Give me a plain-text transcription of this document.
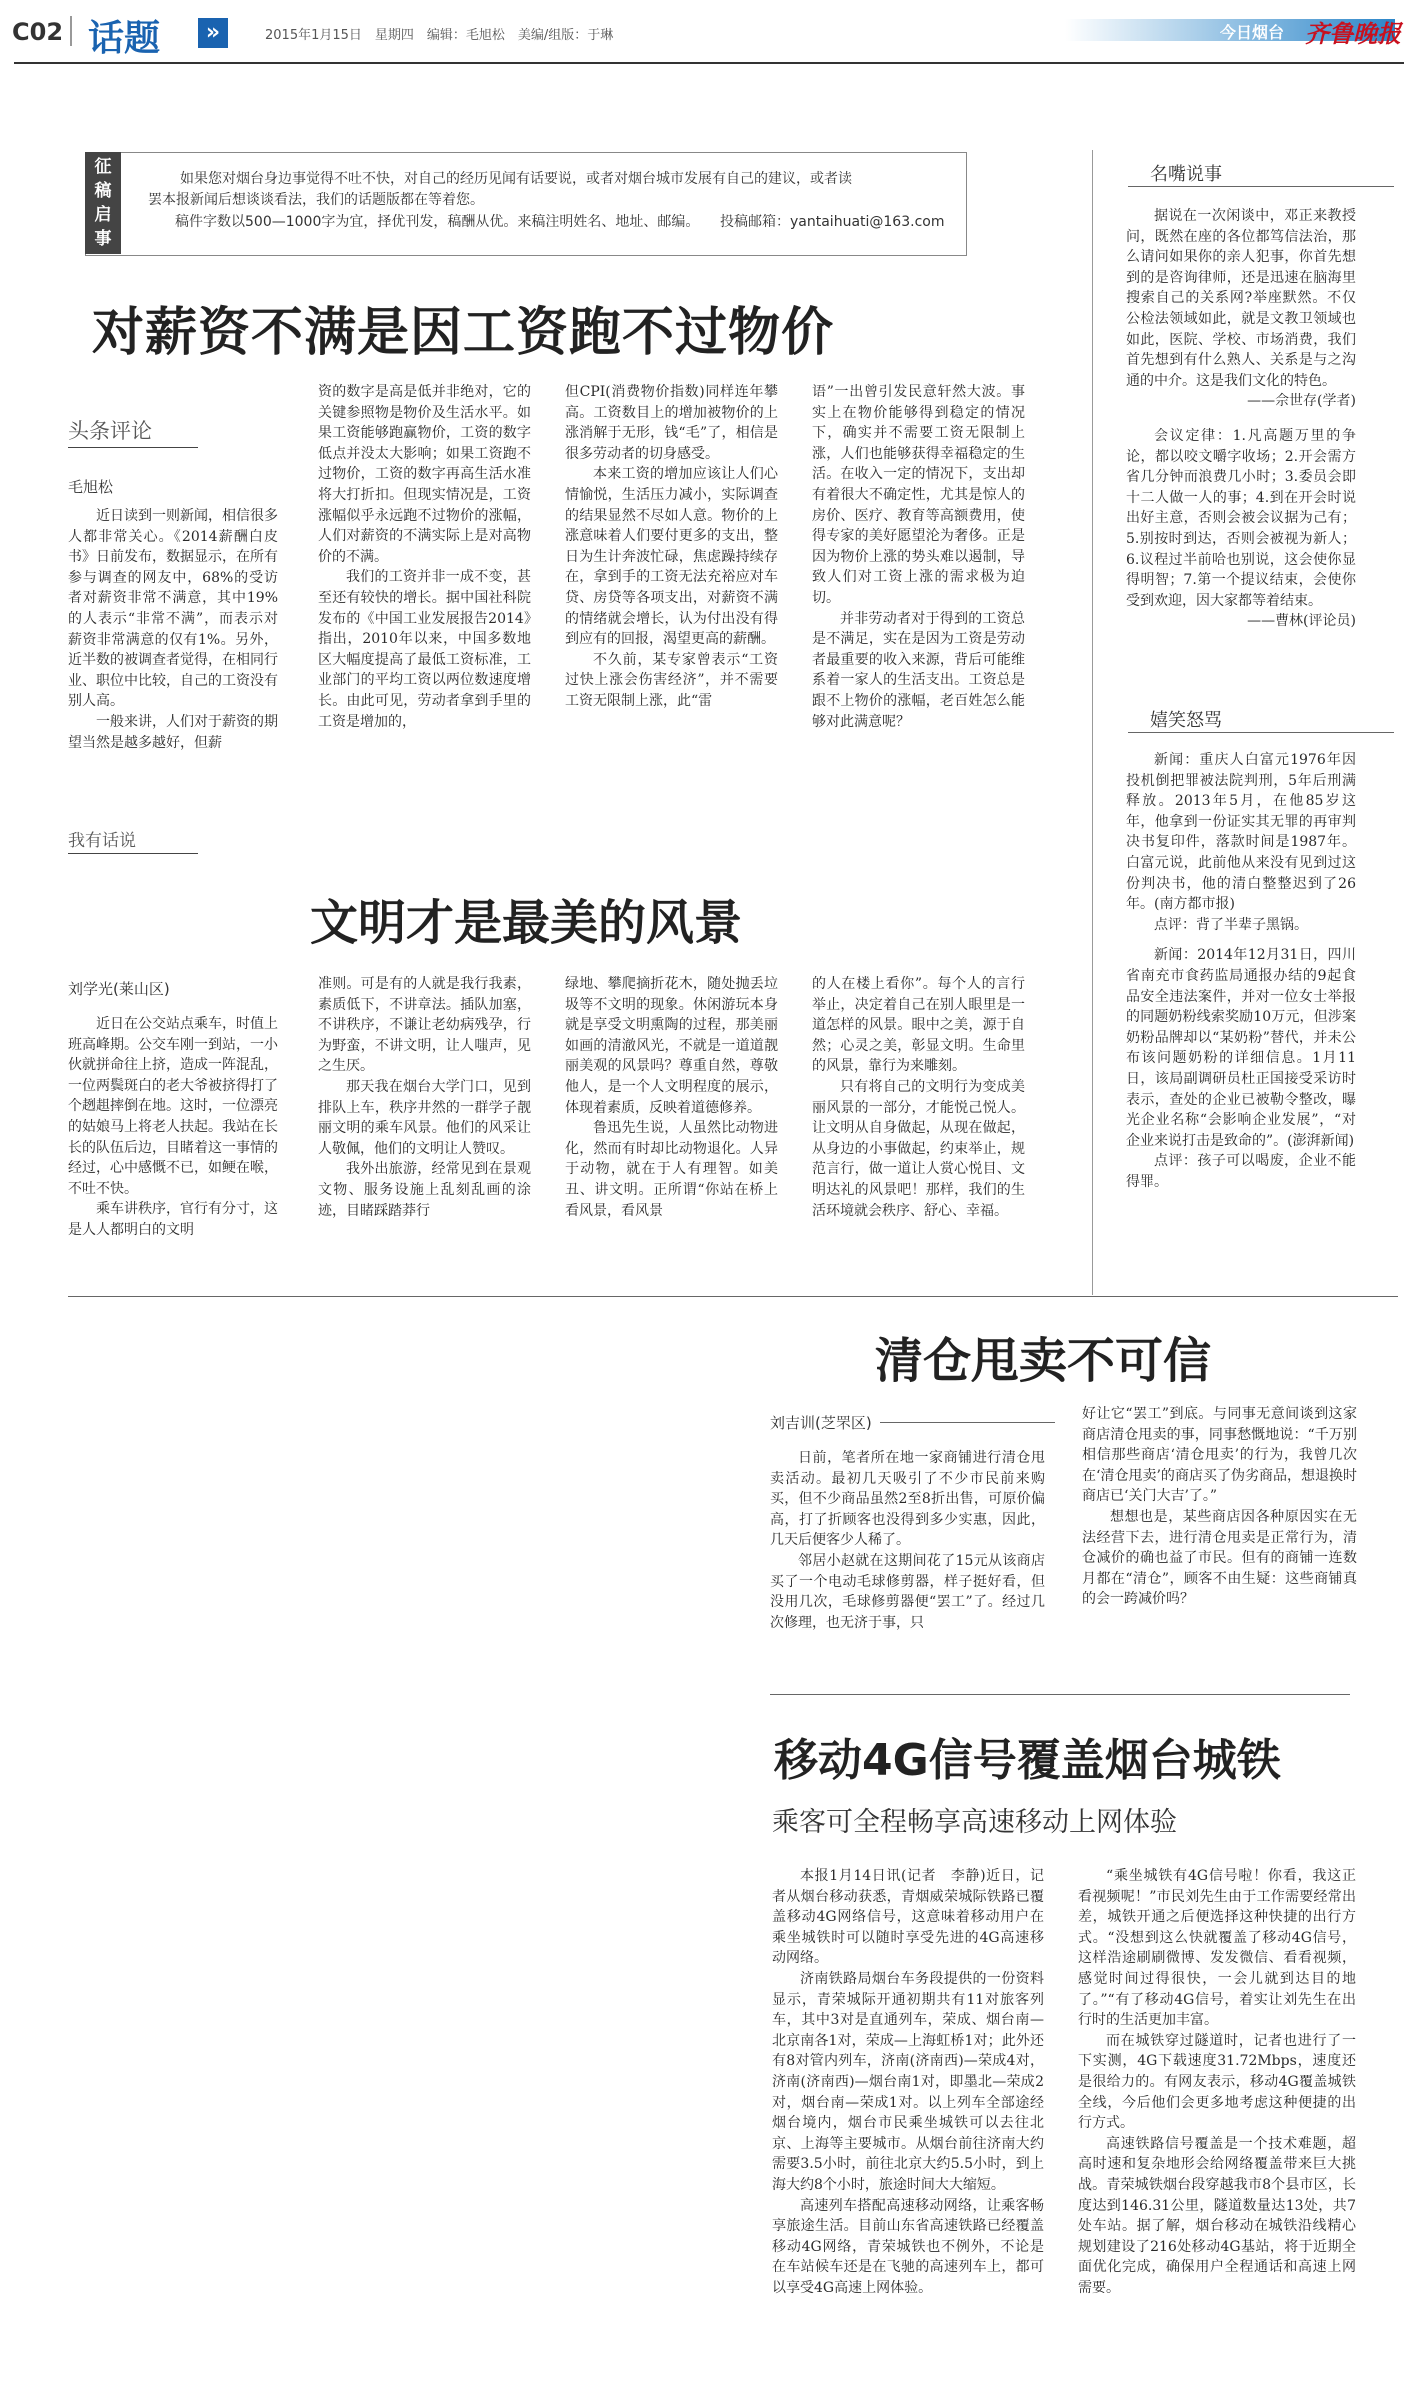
C02 话题	»	2015年1月15日　星期四　编辑：毛旭松　美编/组版：于琳	今日烟台 齐鲁晚报
征
稿
启
事
如果您对烟台身边事觉得不吐不快，对自己的经历见闻有话要说，或者对烟台城市发展有自己的建议，或者读
罢本报新闻后想谈谈看法，我们的话题版都在等着您。
稿件字数以500—1000字为宜，择优刊发，稿酬从优。来稿注明姓名、地址、邮编。 投稿邮箱：yantaihuati@163.com
对薪资不满是因工资跑不过物价
头条评论
毛旭松

近日读到一则新闻，相信很多人都非常关心。《2014薪酬白皮书》日前发布，数据显示，在所有参与调查的网友中，68%的受访者对薪资非常不满意，其中19%的人表示“非常不满”，而表示对薪资非常满意的仅有1%。另外，近半数的被调查者觉得，在相同行业、职位中比较，自己的工资没有别人高。

一般来讲，人们对于薪资的期望当然是越多越好，但薪

资的数字是高是低并非绝对，它的关键参照物是物价及生活水平。如果工资能够跑赢物价，工资的数字低点并没太大影响；如果工资跑不过物价，工资的数字再高生活水准将大打折扣。但现实情况是，工资涨幅似乎永远跑不过物价的涨幅，人们对薪资的不满实际上是对高物价的不满。

我们的工资并非一成不变，甚至还有较快的增长。据中国社科院发布的《中国工业发展报告2014》指出，2010年以来，中国多数地区大幅度提高了最低工资标准，工业部门的平均工资以两位数速度增长。由此可见，劳动者拿到手里的工资是增加的，

但CPI(消费物价指数)同样连年攀高。工资数目上的增加被物价的上涨消解于无形，钱“毛”了，相信是很多劳动者的切身感受。

本来工资的增加应该让人们心情愉悦，生活压力减小，实际调查的结果显然不尽如人意。物价的上涨意味着人们要付更多的支出，整日为生计奔波忙碌，焦虑躁持续存在，拿到手的工资无法充裕应对车贷、房贷等各项支出，对薪资不满的情绪就会增长，认为付出没有得到应有的回报，渴望更高的薪酬。

不久前，某专家曾表示“工资过快上涨会伤害经济”，并不需要工资无限制上涨，此“雷

语”一出曾引发民意轩然大波。事实上在物价能够得到稳定的情况下，确实并不需要工资无限制上涨，人们也能够获得幸福稳定的生活。在收入一定的情况下，支出却有着很大不确定性，尤其是惊人的房价、医疗、教育等高额费用，使得专家的美好愿望沦为奢侈。正是因为物价上涨的势头难以遏制，导致人们对工资上涨的需求极为迫切。

并非劳动者对于得到的工资总是不满足，实在是因为工资是劳动者最重要的收入来源，背后可能维系着一家人的生活支出。工资总是跟不上物价的涨幅，老百姓怎么能够对此满意呢？

名嘴说事

据说在一次闲谈中，邓正来教授问，既然在座的各位都笃信法治，那么请问如果你的亲人犯事，你首先想到的是咨询律师，还是迅速在脑海里搜索自己的关系网?举座默然。不仅公检法领域如此，就是文教卫领域也如此，医院、学校、市场消费，我们首先想到有什么熟人、关系是与之沟通的中介。这是我们文化的特色。

——佘世存(学者)

会议定律：1.凡高题万里的争论，都以咬文嚼字收场；2.开会需方省几分钟而浪费几小时；3.委员会即十二人做一人的事；4.到在开会时说出好主意，否则会被会议据为己有；5.别按时到达，否则会被视为新人；6.议程过半前哈也别说，这会使你显得明智；7.第一个提议结束，会使你受到欢迎，因大家都等着结束。

——曹林(评论员)

嬉笑怒骂

新闻：重庆人白富元1976年因投机倒把罪被法院判刑，5年后刑满释放。2013年5月，在他85岁这年，他拿到一份证实其无罪的再审判决书复印件，落款时间是1987年。白富元说，此前他从来没有见到过这份判决书，他的清白整整迟到了26年。(南方都市报)

点评：背了半辈子黑锅。

新闻：2014年12月31日，四川省南充市食药监局通报办结的9起食品安全违法案件，并对一位女士举报的同题奶粉线索奖励10万元，但涉案奶粉品牌却以“某奶粉”替代，并未公布该问题奶粉的详细信息。1月11日，该局副调研员杜正国接受采访时表示，查处的企业已被勒令整改，曝光企业名称“会影响企业发展”，“对企业来说打击是致命的”。(澎湃新闻)

点评：孩子可以喝废，企业不能得罪。

我有话说
文明才是最美的风景
刘学光(莱山区)

近日在公交站点乘车，时值上班高峰期。公交车刚一到站，一小伙就拼命往上挤，造成一阵混乱，一位两鬓斑白的老大爷被挤得打了个趔趄摔倒在地。这时，一位漂亮的姑娘马上将老人扶起。我站在长长的队伍后边，目睹着这一事情的经过，心中感慨不已，如鲠在喉，不吐不快。

乘车讲秩序，官行有分寸，这是人人都明白的文明

准则。可是有的人就是我行我素，素质低下，不讲章法。插队加塞，不讲秩序，不谦让老幼病残孕，行为野蛮，不讲文明，让人嗤声，见之生厌。

那天我在烟台大学门口，见到排队上车，秩序井然的一群学子靓丽文明的乘车风景。他们的风采让人敬佩，他们的文明让人赞叹。

我外出旅游，经常见到在景观文物、服务设施上乱刻乱画的涂迹，目睹踩踏莽行

绿地、攀爬摘折花木，随处抛丢垃圾等不文明的现象。休闲游玩本身就是享受文明熏陶的过程，那美丽如画的清澈风光，不就是一道道靓丽美观的风景吗？尊重自然，尊敬他人，是一个人文明程度的展示，体现着素质，反映着道德修养。

鲁迅先生说，人虽然比动物进化，然而有时却比动物退化。人异于动物，就在于人有理智。如美丑、讲文明。正所谓“你站在桥上看风景，看风景

的人在楼上看你”。每个人的言行举止，决定着自己在别人眼里是一道怎样的风景。眼中之美，源于自然；心灵之美，彰显文明。生命里的风景，靠行为来雕刻。

只有将自己的文明行为变成美丽风景的一部分，才能悦己悦人。让文明从自身做起，从现在做起，从身边的小事做起，约束举止，规范言行，做一道让人赏心悦目、文明达礼的风景吧！那样，我们的生活环境就会秩序、舒心、幸福。

清仓甩卖不可信
刘吉训(芝罘区)

日前，笔者所在地一家商铺进行清仓甩卖活动。最初几天吸引了不少市民前来购买，但不少商品虽然2至8折出售，可原价偏高，打了折顾客也没得到多少实惠，因此，几天后便客少人稀了。

邻居小赵就在这期间花了15元从该商店买了一个电动毛球修剪器，样子挺好看，但没用几次，毛球修剪器便“罢工”了。经过几次修理，也无济于事，只

好让它“罢工”到底。与同事无意间谈到这家商店清仓甩卖的事，同事愁慨地说：“千万别相信那些商店‘清仓甩卖’的行为，我曾几次在‘清仓甩卖’的商店买了伪劣商品，想退换时商店已‘关门大吉’了。”

想想也是，某些商店因各种原因实在无法经营下去，进行清仓甩卖是正常行为，清仓减价的确也益了市民。但有的商铺一连数月都在“清仓”，顾客不由生疑：这些商铺真的会一跨减价吗？

移动4G信号覆盖烟台城铁
乘客可全程畅享高速移动上网体验

本报1月14日讯(记者　李静)近日，记者从烟台移动获悉，青烟威荣城际铁路已覆盖移动4G网络信号，这意味着移动用户在乘坐城铁时可以随时享受先进的4G高速移动网络。

济南铁路局烟台车务段提供的一份资料显示，青荣城际开通初期共有11对旅客列车，其中3对是直通列车，荣成、烟台南—北京南各1对，荣成—上海虹桥1对；此外还有8对管内列车，济南(济南西)—荣成4对，济南(济南西)—烟台南1对，即墨北—荣成2对，烟台南—荣成1对。以上列车全部途经烟台境内，烟台市民乘坐城铁可以去往北京、上海等主要城市。从烟台前往济南大约需要3.5小时，前往北京大约5.5小时，到上海大约8个小时，旅途时间大大缩短。

高速列车搭配高速移动网络，让乘客畅享旅途生活。目前山东省高速铁路已经覆盖移动4G网络，青荣城铁也不例外，不论是在车站候车还是在飞驰的高速列车上，都可以享受4G高速上网体验。

“乘坐城铁有4G信号啦！你看，我这正看视频呢！”市民刘先生由于工作需要经常出差，城铁开通之后便选择这种快捷的出行方式。“没想到这么快就覆盖了移动4G信号，这样浩途刷刷微博、发发微信、看看视频，感觉时间过得很快，一会儿就到达目的地了。”“有了移动4G信号，着实让刘先生在出行时的生活更加丰富。

而在城铁穿过隧道时，记者也进行了一下实测，4G下载速度31.72Mbps，速度还是很给力的。有网友表示，移动4G覆盖城铁全线，今后他们会更多地考虑这种便捷的出行方式。

高速铁路信号覆盖是一个技术难题，超高时速和复杂地形会给网络覆盖带来巨大挑战。青荣城铁烟台段穿越我市8个县市区，长度达到146.31公里，隧道数量达13处，共7处车站。据了解，烟台移动在城铁沿线精心规划建设了216处移动4G基站，将于近期全面优化完成，确保用户全程通话和高速上网需要。
